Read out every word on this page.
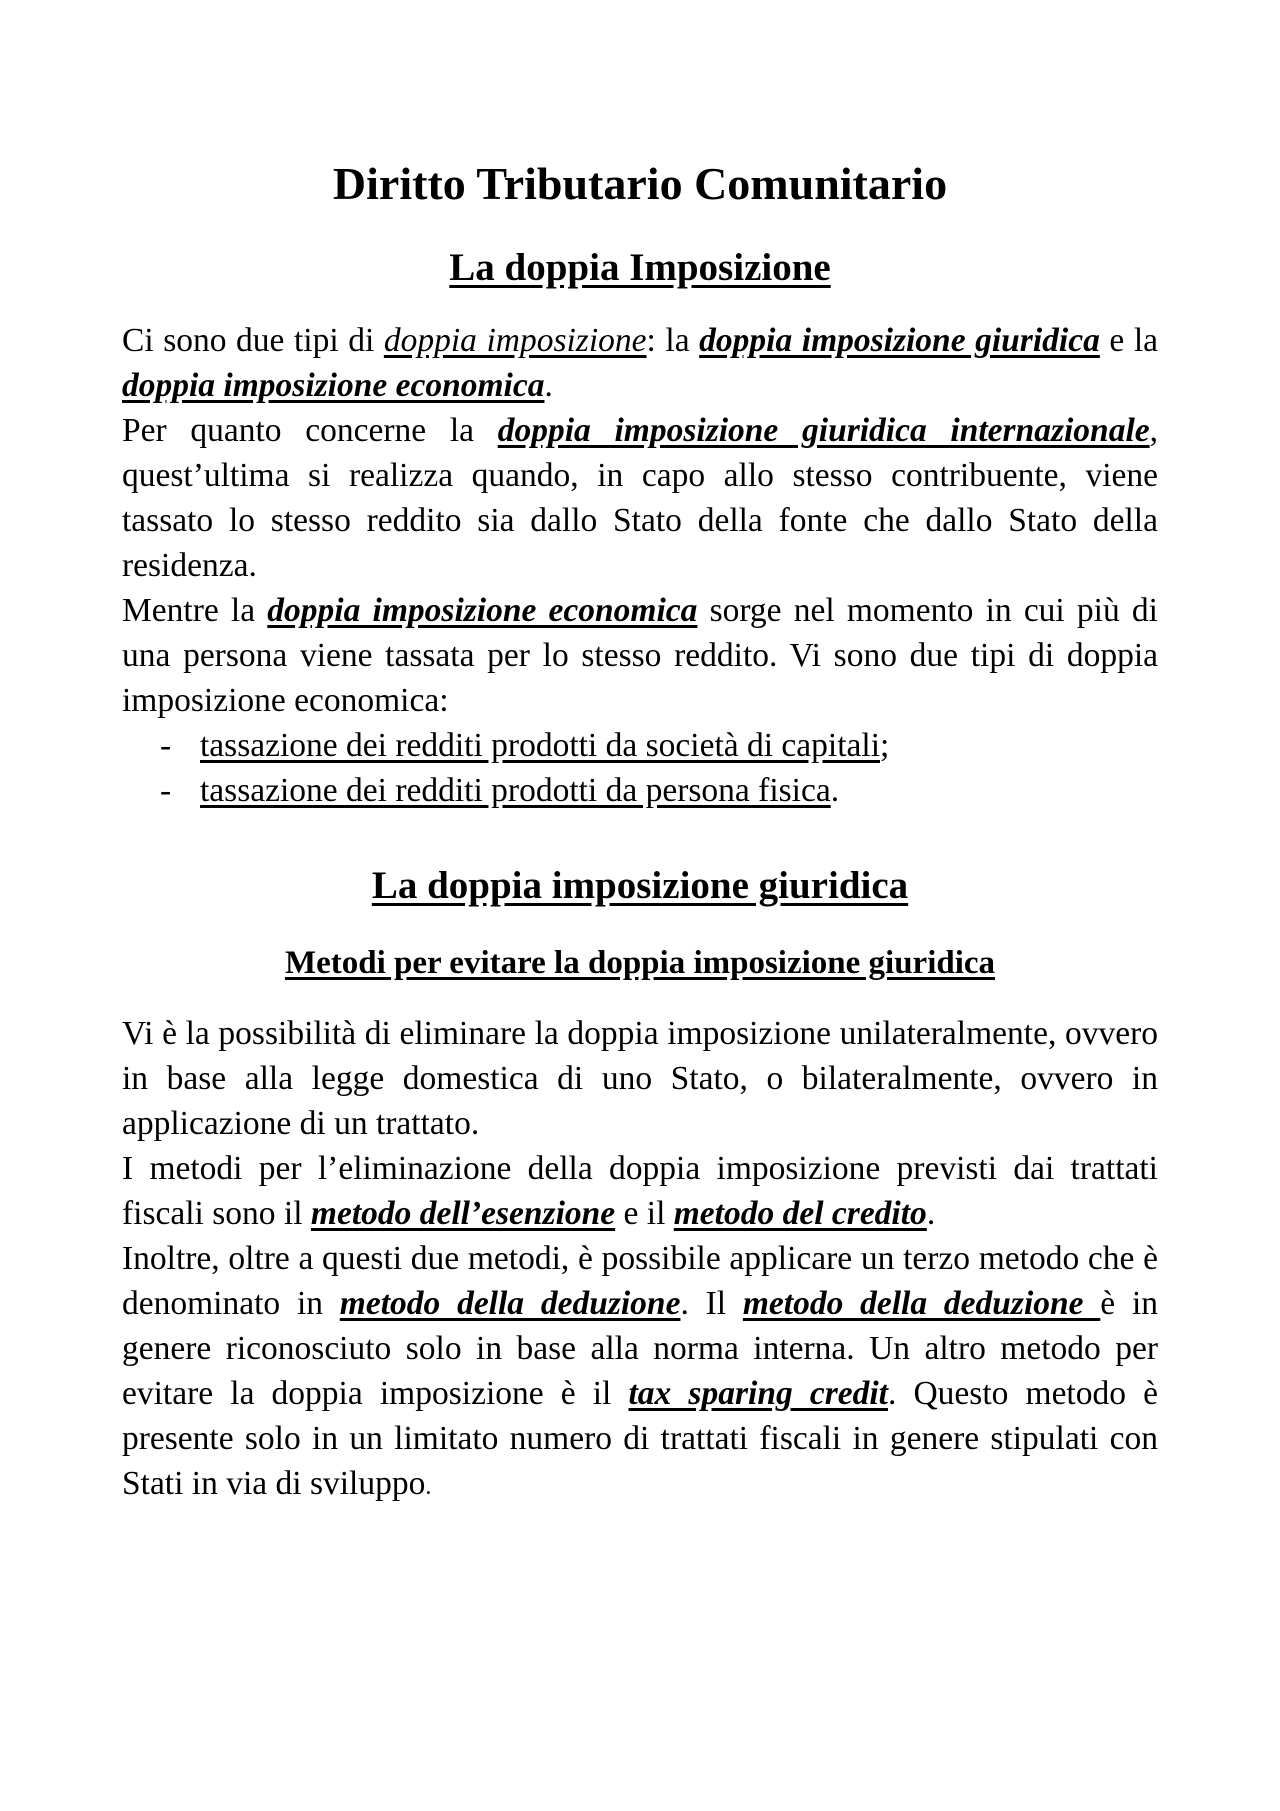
Diritto Tributario Comunitario
La doppia Imposizione

Ci sono due tipi di doppia imposizione: la doppia imposizione giuridica e la doppia imposizione economica.

Per quanto concerne la doppia imposizione giuridica internazionale, quest’ultima si realizza quando, in capo allo stesso contribuente, viene tassato lo stesso reddito sia dallo Stato della fonte che dallo Stato della residenza.

Mentre la doppia imposizione economica sorge nel momento in cui più di una persona viene tassata per lo stesso reddito. Vi sono due tipi di doppia imposizione economica:

- tassazione dei redditi prodotti da società di capitali;
- tassazione dei redditi prodotti da persona fisica.
La doppia imposizione giuridica
Metodi per evitare la doppia imposizione giuridica

Vi è la possibilità di eliminare la doppia imposizione unilateralmente, ovvero in base alla legge domestica di uno Stato, o bilateralmente, ovvero in applicazione di un trattato.

I metodi per l’eliminazione della doppia imposizione previsti dai trattati fiscali sono il metodo dell’esenzione e il metodo del credito.

Inoltre, oltre a questi due metodi, è possibile applicare un terzo metodo che è denominato in metodo della deduzione. Il metodo della deduzione è in genere riconosciuto solo in base alla norma interna. Un altro metodo per evitare la doppia imposizione è il tax sparing credit. Questo metodo è presente solo in un limitato numero di trattati fiscali in genere stipulati con Stati in via di sviluppo.
